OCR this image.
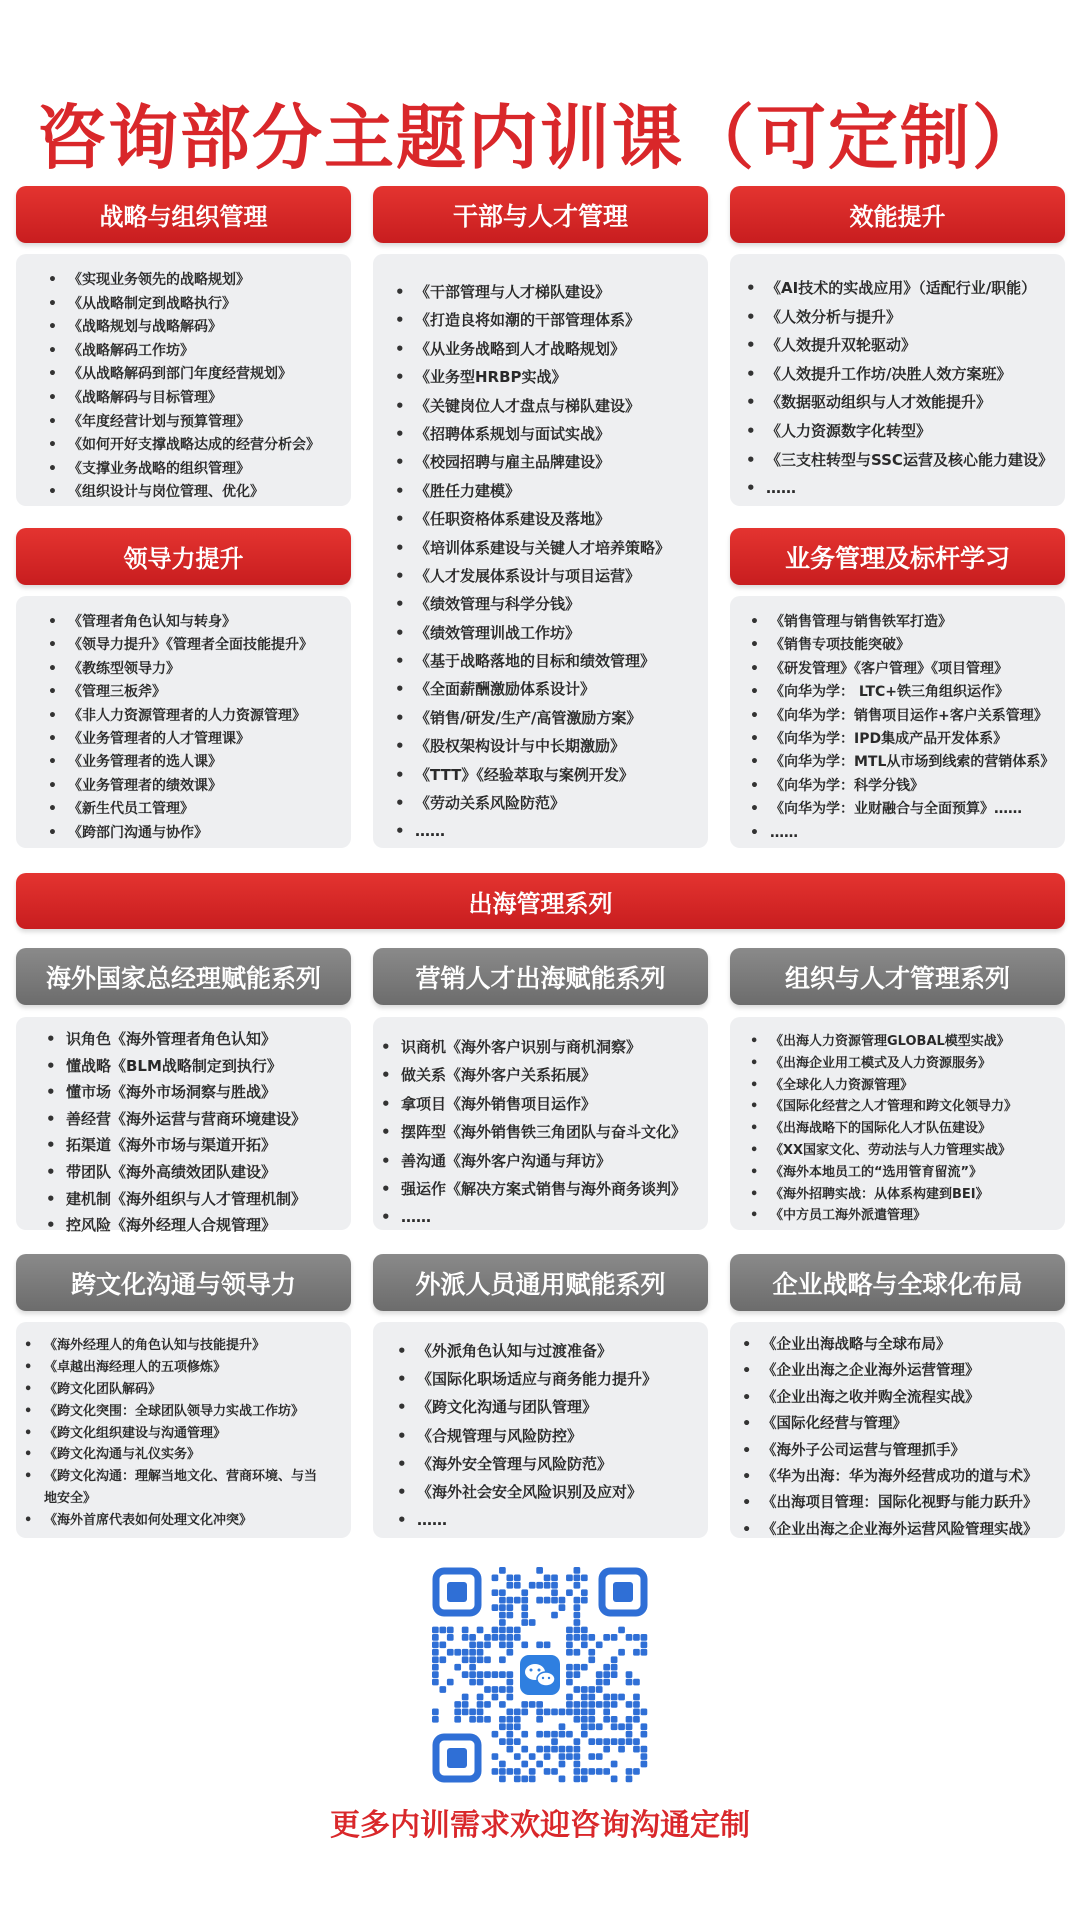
咨询部分主题内训课（可定制）
战略与组织管理	干部与人才管理	效能提升
• 《实现业务领先的战略规划》
• 《从战略制定到战略执行》
• 《战略规划与战略解码》
• 《战略解码工作坊》
• 《从战略解码到部门年度经营规划》
• 《战略解码与目标管理》
• 《年度经营计划与预算管理》
• 《如何开好支撑战略达成的经营分析会》
• 《支撑业务战略的组织管理》
• 《组织设计与岗位管理、优化》
• 《干部管理与人才梯队建设》
• 《打造良将如潮的干部管理体系》
• 《从业务战略到人才战略规划》
• 《业务型HRBP实战》
• 《关键岗位人才盘点与梯队建设》
• 《招聘体系规划与面试实战》
• 《校园招聘与雇主品牌建设》
• 《胜任力建模》
• 《任职资格体系建设及落地》
• 《培训体系建设与关键人才培养策略》
• 《人才发展体系设计与项目运营》
• 《绩效管理与科学分钱》
• 《绩效管理训战工作坊》
• 《基于战略落地的目标和绩效管理》
• 《全面薪酬激励体系设计》
• 《销售/研发/生产/高管激励方案》
• 《股权架构设计与中长期激励》
• 《TTT》《经验萃取与案例开发》
• 《劳动关系风险防范》
• ……
• 《AI技术的实战应用》（适配行业/职能）
• 《人效分析与提升》
• 《人效提升双轮驱动》
• 《人效提升工作坊/决胜人效方案班》
• 《数据驱动组织与人才效能提升》
• 《人力资源数字化转型》
• 《三支柱转型与SSC运营及核心能力建设》
• ……
领导力提升	业务管理及标杆学习
• 《管理者角色认知与转身》
• 《领导力提升》《管理者全面技能提升》
• 《教练型领导力》
• 《管理三板斧》
• 《非人力资源管理者的人力资源管理》
• 《业务管理者的人才管理课》
• 《业务管理者的选人课》
• 《业务管理者的绩效课》
• 《新生代员工管理》
• 《跨部门沟通与协作》
• 《销售管理与销售铁军打造》
• 《销售专项技能突破》
• 《研发管理》《客户管理》《项目管理》
• 《向华为学： LTC+铁三角组织运作》
• 《向华为学：销售项目运作+客户关系管理》
• 《向华为学：IPD集成产品开发体系》
• 《向华为学：MTL从市场到线索的营销体系》
• 《向华为学：科学分钱》
• 《向华为学：业财融合与全面预算》……
• ……
出海管理系列
海外国家总经理赋能系列	营销人才出海赋能系列	组织与人才管理系列
• 识角色《海外管理者角色认知》
• 懂战略《BLM战略制定到执行》
• 懂市场《海外市场洞察与胜战》
• 善经营《海外运营与营商环境建设》
• 拓渠道《海外市场与渠道开拓》
• 带团队《海外高绩效团队建设》
• 建机制《海外组织与人才管理机制》
• 控风险《海外经理人合规管理》
• 识商机《海外客户识别与商机洞察》
• 做关系《海外客户关系拓展》
• 拿项目《海外销售项目运作》
• 摆阵型《海外销售铁三角团队与奋斗文化》
• 善沟通《海外客户沟通与拜访》
• 强运作《解决方案式销售与海外商务谈判》
• ……
• 《出海人力资源管理GLOBAL模型实战》
• 《出海企业用工模式及人力资源服务》
• 《全球化人力资源管理》
• 《国际化经营之人才管理和跨文化领导力》
• 《出海战略下的国际化人才队伍建设》
• 《XX国家文化、劳动法与人力管理实战》
• 《海外本地员工的“选用管育留流”》
• 《海外招聘实战：从体系构建到BEI》
• 《中方员工海外派遣管理》
跨文化沟通与领导力	外派人员通用赋能系列	企业战略与全球化布局
• 《海外经理人的角色认知与技能提升》
• 《卓越出海经理人的五项修炼》
• 《跨文化团队解码》
• 《跨文化突围：全球团队领导力实战工作坊》
• 《跨文化组织建设与沟通管理》
• 《跨文化沟通与礼仪实务》
• 《跨文化沟通：理解当地文化、营商环境、与当
地安全》
• 《海外首席代表如何处理文化冲突》
• 《外派角色认知与过渡准备》
• 《国际化职场适应与商务能力提升》
• 《跨文化沟通与团队管理》
• 《合规管理与风险防控》
• 《海外安全管理与风险防范》
• 《海外社会安全风险识别及应对》
• ……
• 《企业出海战略与全球布局》
• 《企业出海之企业海外运营管理》
• 《企业出海之收并购全流程实战》
• 《国际化经营与管理》
• 《海外子公司运营与管理抓手》
• 《华为出海：华为海外经营成功的道与术》
• 《出海项目管理：国际化视野与能力跃升》
• 《企业出海之企业海外运营风险管理实战》
更多内训需求欢迎咨询沟通定制
